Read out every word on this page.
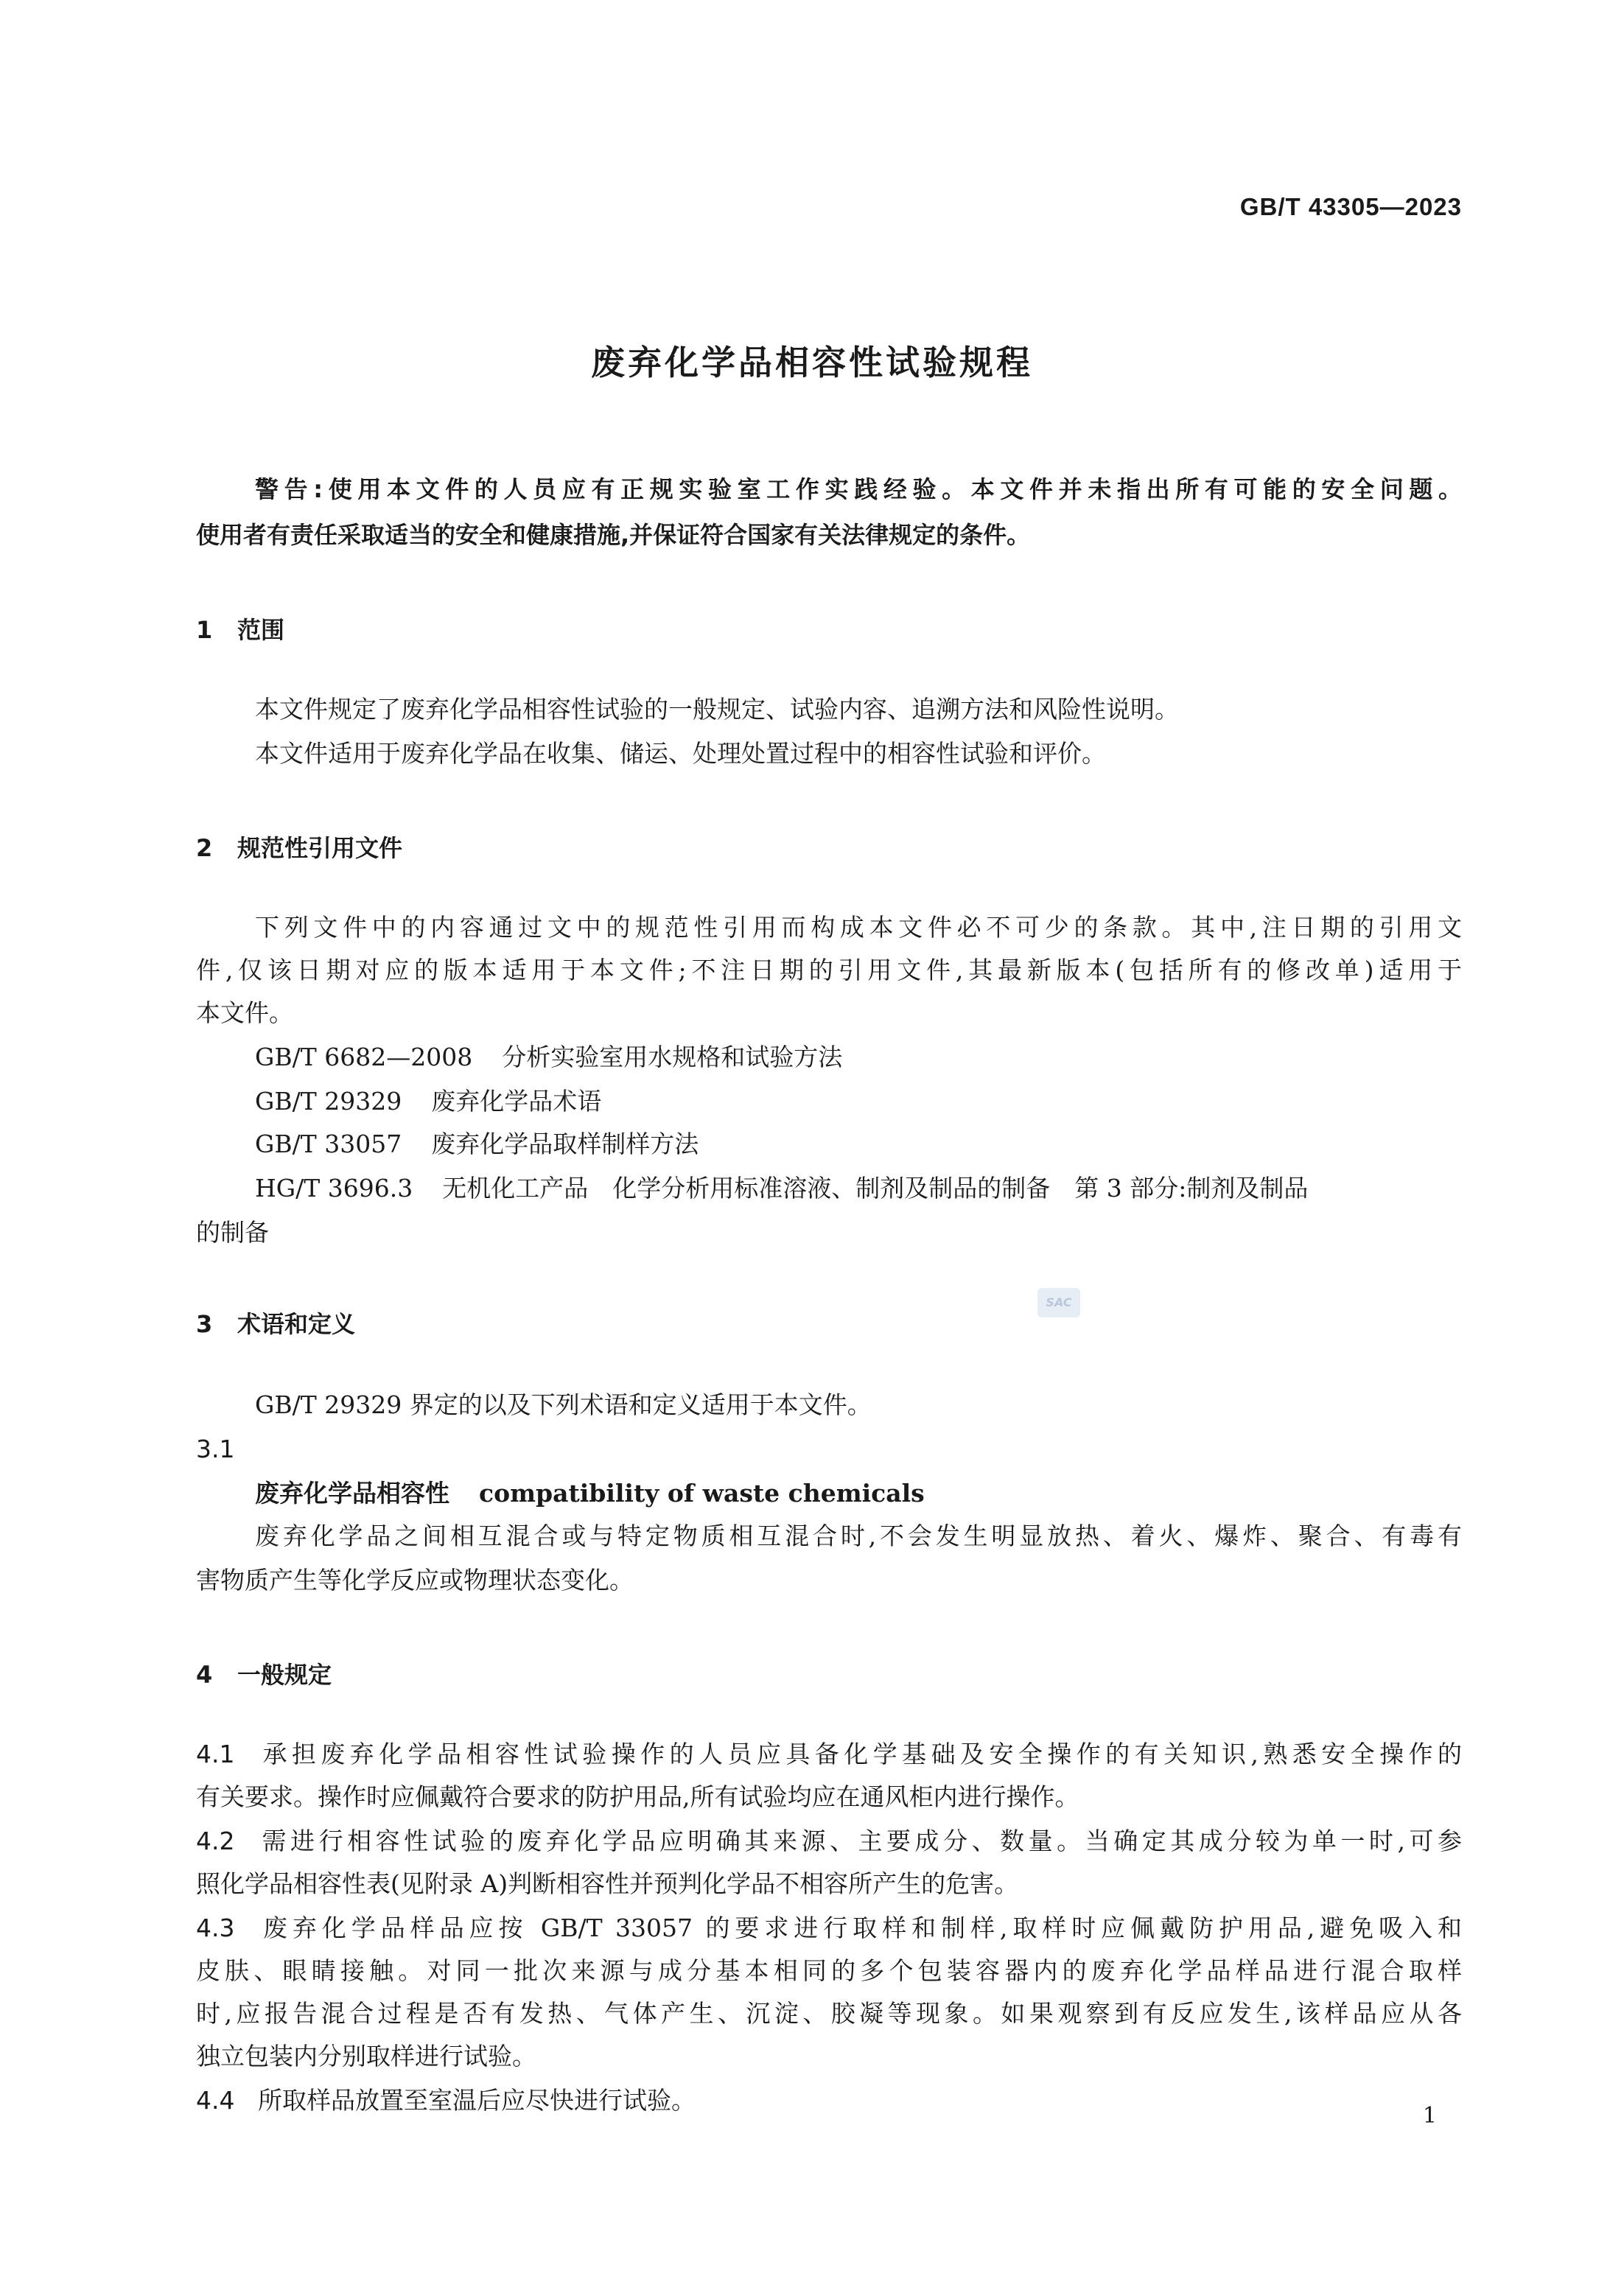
GB/T 43305—2023
废弃化学品相容性试验规程
警告:使用本文件的人员应有正规实验室工作实践经验。本文件并未指出所有可能的安全问题。
使用者有责任采取适当的安全和健康措施,并保证符合国家有关法律规定的条件。
1 范围
本文件规定了废弃化学品相容性试验的一般规定、试验内容、追溯方法和风险性说明。
本文件适用于废弃化学品在收集、储运、处理处置过程中的相容性试验和评价。
2 规范性引用文件
下列文件中的内容通过文中的规范性引用而构成本文件必不可少的条款。其中,注日期的引用文
件,仅该日期对应的版本适用于本文件;不注日期的引用文件,其最新版本(包括所有的修改单)适用于
本文件。
GB/T 6682—2008 分析实验室用水规格和试验方法
GB/T 29329 废弃化学品术语
GB/T 33057 废弃化学品取样制样方法
HG/T 3696.3 无机化工产品　化学分析用标准溶液、制剂及制品的制备　第 3 部分:制剂及制品
的制备
3 术语和定义
SAC
GB/T 29329 界定的以及下列术语和定义适用于本文件。
3.1
废弃化学品相容性 compatibility of waste chemicals
废弃化学品之间相互混合或与特定物质相互混合时,不会发生明显放热、着火、爆炸、聚合、有毒有
害物质产生等化学反应或物理状态变化。
4 一般规定
4.1 承担废弃化学品相容性试验操作的人员应具备化学基础及安全操作的有关知识,熟悉安全操作的
有关要求。操作时应佩戴符合要求的防护用品,所有试验均应在通风柜内进行操作。
4.2 需进行相容性试验的废弃化学品应明确其来源、主要成分、数量。当确定其成分较为单一时,可参
照化学品相容性表(见附录 A)判断相容性并预判化学品不相容所产生的危害。
4.3 废弃化学品样品应按 GB/T 33057 的要求进行取样和制样,取样时应佩戴防护用品,避免吸入和
皮肤、眼睛接触。对同一批次来源与成分基本相同的多个包装容器内的废弃化学品样品进行混合取样
时,应报告混合过程是否有发热、气体产生、沉淀、胶凝等现象。如果观察到有反应发生,该样品应从各
独立包装内分别取样进行试验。
4.4 所取样品放置至室温后应尽快进行试验。
1
